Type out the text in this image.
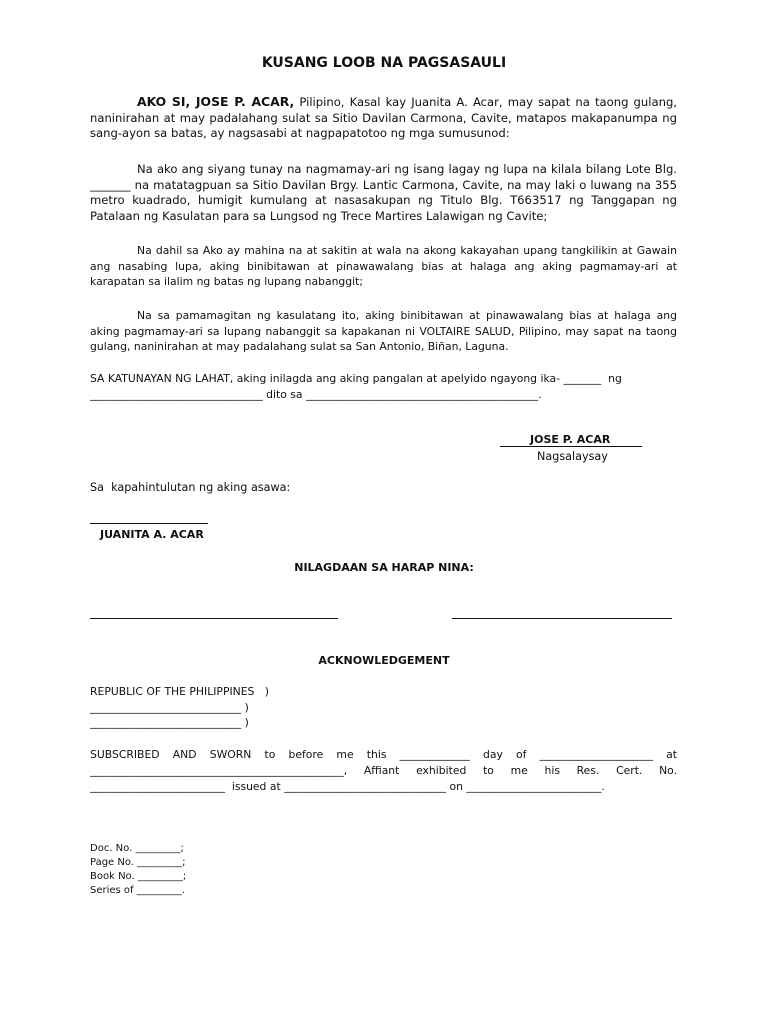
KUSANG LOOB NA PAGSASAULI
AKO SI, JOSE P. ACAR, Pilipino, Kasal kay Juanita A. Acar, may sapat na taong gulang, naninirahan at may padalahang sulat sa Sitio Davilan Carmona, Cavite, matapos makapanumpa ng sang-ayon sa batas, ay nagsasabi at nagpapatotoo ng mga sumusunod:
Na ako ang siyang tunay na nagmamay-ari ng isang lagay ng lupa na kilala bilang Lote Blg. _______ na matatagpuan sa Sitio Davilan Brgy. Lantic Carmona, Cavite, na may laki o luwang na 355 metro kuadrado, humigit kumulang at nasasakupan ng Titulo Blg. T663517 ng Tanggapan ng Patalaan ng Kasulatan para sa Lungsod ng Trece Martires Lalawigan ng Cavite;
Na dahil sa Ako ay mahina na at sakitin at wala na akong kakayahan upang tangkilikin at Gawain ang nasabing lupa, aking binibitawan at pinawawalang bias at halaga ang aking pagmamay-ari at karapatan sa ilalim ng batas ng lupang nabanggit;
Na sa pamamagitan ng kasulatang ito, aking binibitawan at pinawawalang bias at halaga ang aking pagmamay-ari sa lupang nabanggit sa kapakanan ni VOLTAIRE SALUD, Pilipino, may sapat na taong gulang, naninirahan at may padalahang sulat sa San Antonio, Biñan, Laguna.
SA KATUNAYAN NG LAHAT, aking inilagda ang aking pangalan at apelyido ngayong ika- _______  ng
________________________________ dito sa ___________________________________________.

JOSE P. ACAR

Nagsalaysay
Sa  kapahintulutan ng aking asawa:
JUANITA A. ACAR
NILAGDAAN SA HARAP NINA:
ACKNOWLEDGEMENT
REPUBLIC OF THE PHILIPPINES   )
____________________________ )
____________________________ )
SUBSCRIBED AND SWORN to before me this _____________ day of _____________________ at
_______________________________________________, Affiant exhibited to me his Res. Cert. No.
_________________________  issued at ______________________________ on _________________________.
Doc. No. _________;
Page No. _________;
Book No. _________;
Series of _________.
